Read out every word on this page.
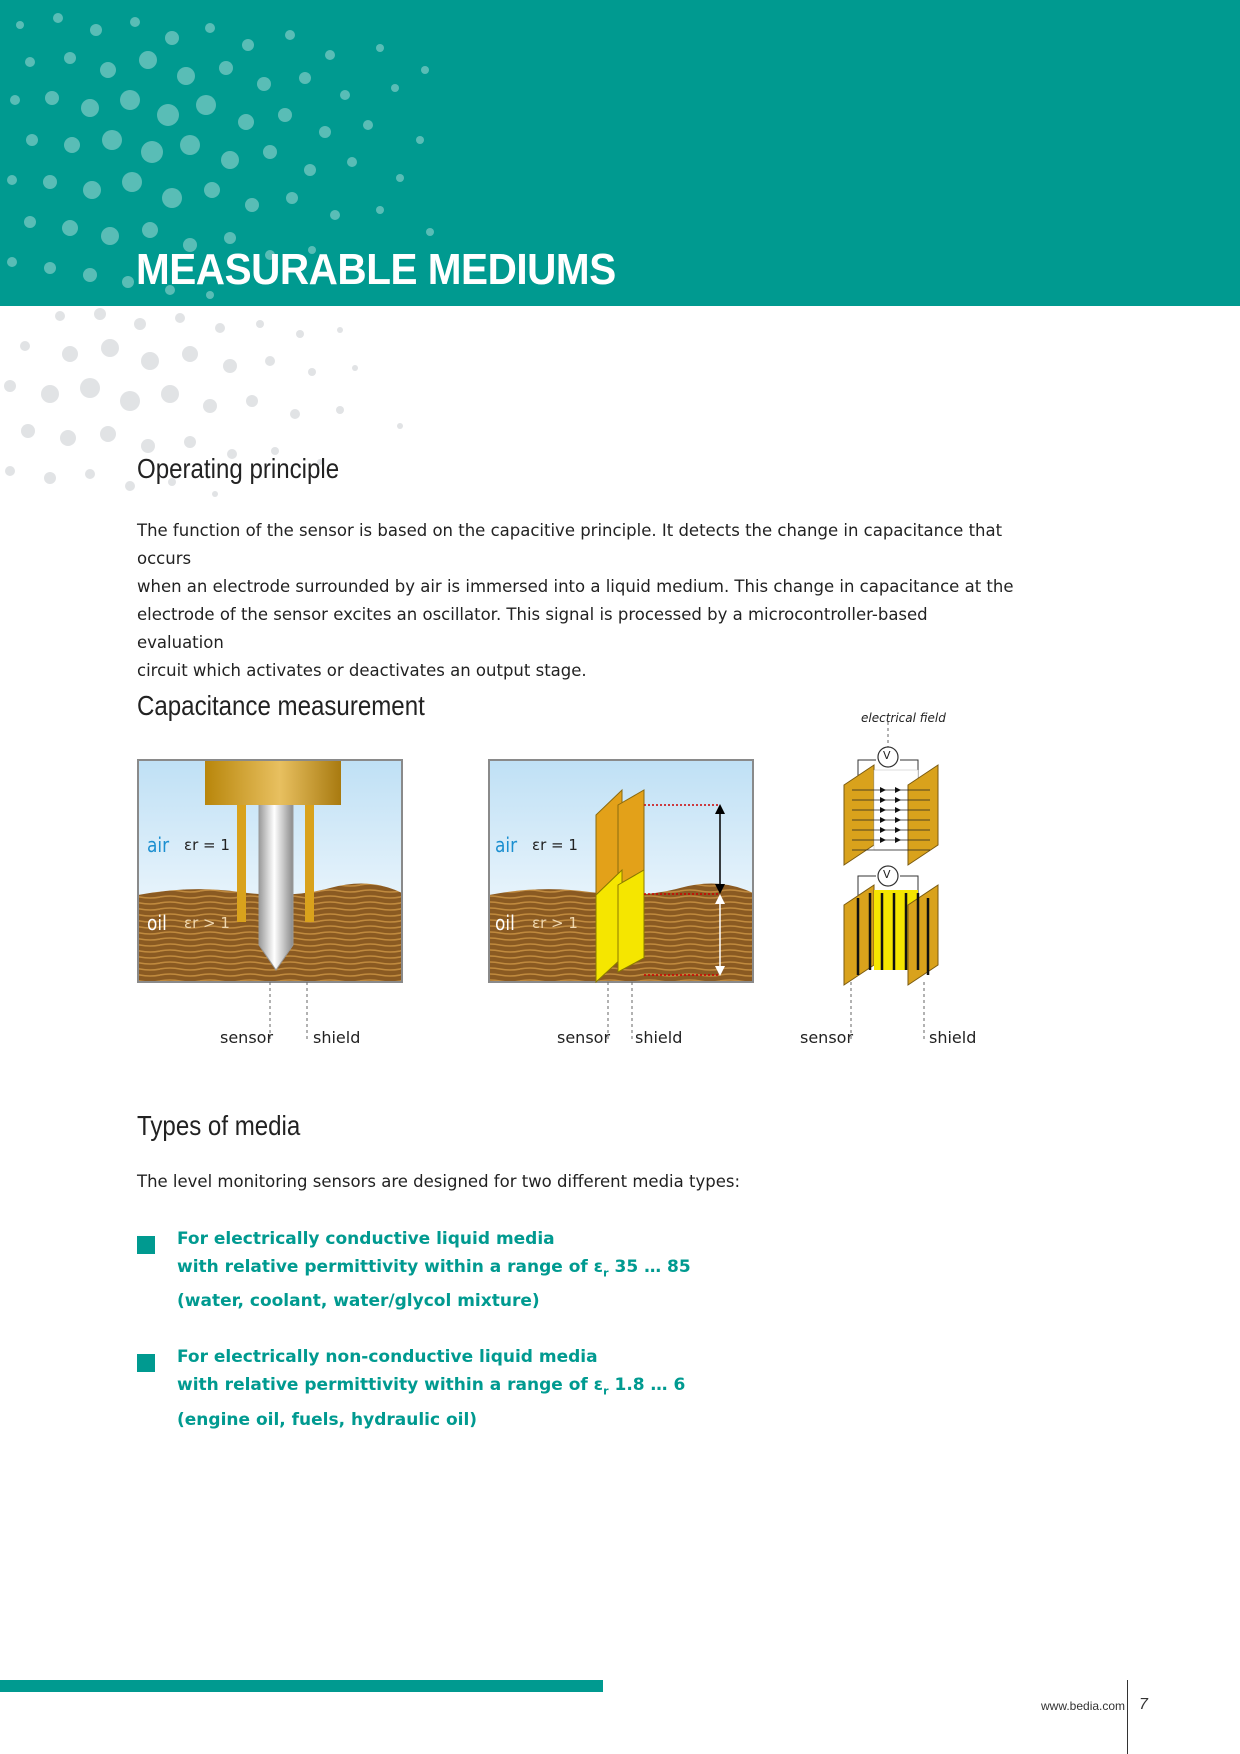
MEASURABLE MEDIUMS
Operating principle
The function of the sensor is based on the capacitive principle. It detects the change in capacitance that occurs
when an electrode surrounded by air is immersed into a liquid medium. This change in capacitance at the
electrode of the sensor excites an oscillator. This signal is processed by a microcontroller-based evaluation
circuit which activates or deactivates an output stage.
Capacitance measurement
air εr = 1
oil εr > 1
air εr = 1
oil εr > 1
electrical field
V
V
sensor shield	sensor shield	sensor	shield
Types of media
The level monitoring sensors are designed for two different media types:
For electrically conductive liquid media
with relative permittivity within a range of $\varepsilon_r$ 35 … 85
(water, coolant, water/glycol mixture)
For electrically non-conductive liquid media
with relative permittivity within a range of $\varepsilon_r$ 1.8 … 6
(engine oil, fuels, hydraulic oil)
www.bedia.com 7
